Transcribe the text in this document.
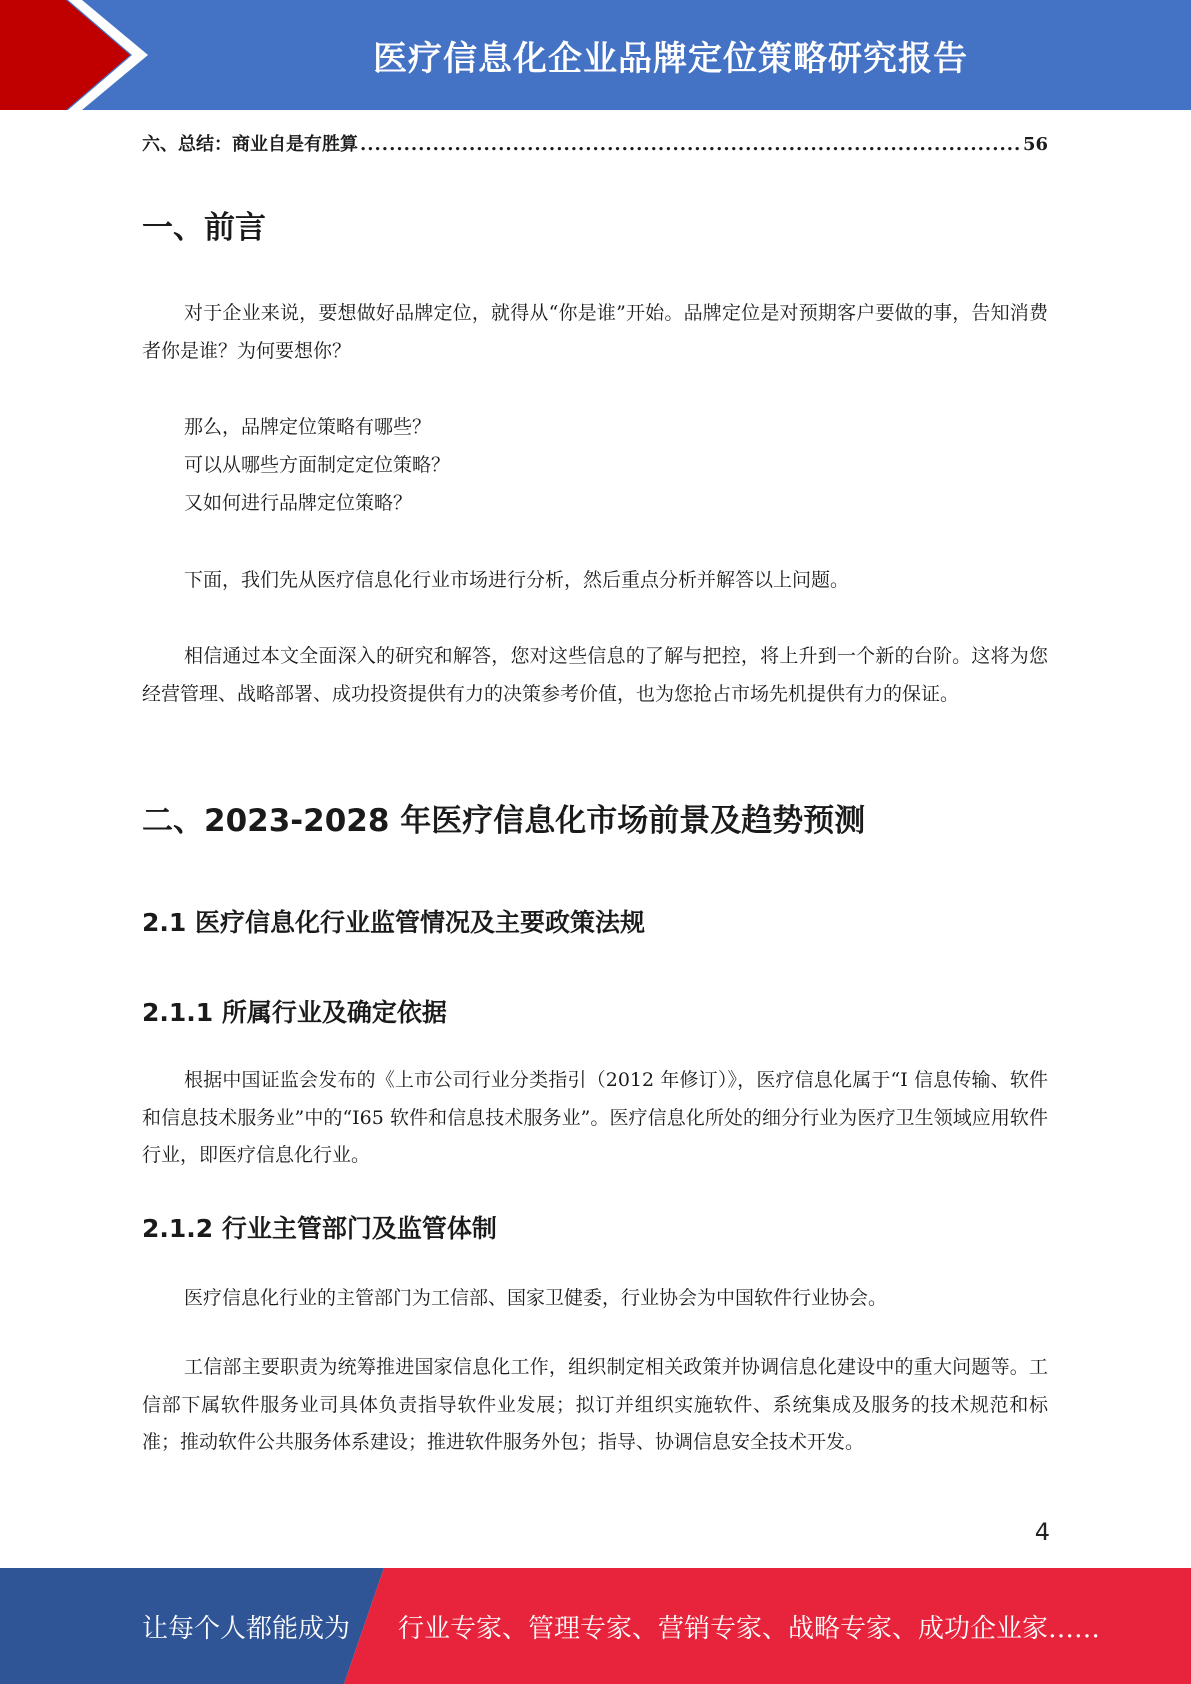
医疗信息化企业品牌定位策略研究报告
六、总结：商业自是有胜算
.....	56
一、前言

对于企业来说，要想做好品牌定位，就得从“你是谁”开始。品牌定位是对预期客户要做的事，告知消费者你是谁？为何要想你？

那么，品牌定位策略有哪些？
可以从哪些方面制定定位策略？
又如何进行品牌定位策略？

下面，我们先从医疗信息化行业市场进行分析，然后重点分析并解答以上问题。

相信通过本文全面深入的研究和解答，您对这些信息的了解与把控，将上升到一个新的台阶。这将为您经营管理、战略部署、成功投资提供有力的决策参考价值，也为您抢占市场先机提供有力的保证。

二、2023-2028 年医疗信息化市场前景及趋势预测
2.1 医疗信息化行业监管情况及主要政策法规
2.1.1 所属行业及确定依据

根据中国证监会发布的《上市公司行业分类指引（2012 年修订）》，医疗信息化属于“I 信息传输、软件和信息技术服务业”中的“I65 软件和信息技术服务业”。医疗信息化所处的细分行业为医疗卫生领域应用软件行业，即医疗信息化行业。

2.1.2 行业主管部门及监管体制

医疗信息化行业的主管部门为工信部、国家卫健委，行业协会为中国软件行业协会。

工信部主要职责为统筹推进国家信息化工作，组织制定相关政策并协调信息化建设中的重大问题等。工信部下属软件服务业司具体负责指导软件业发展；拟订并组织实施软件、系统集成及服务的技术规范和标准；推动软件公共服务体系建设；推进软件服务外包；指导、协调信息安全技术开发。

4
让每个人都能成为 行业专家、管理专家、营销专家、战略专家、成功企业家……
